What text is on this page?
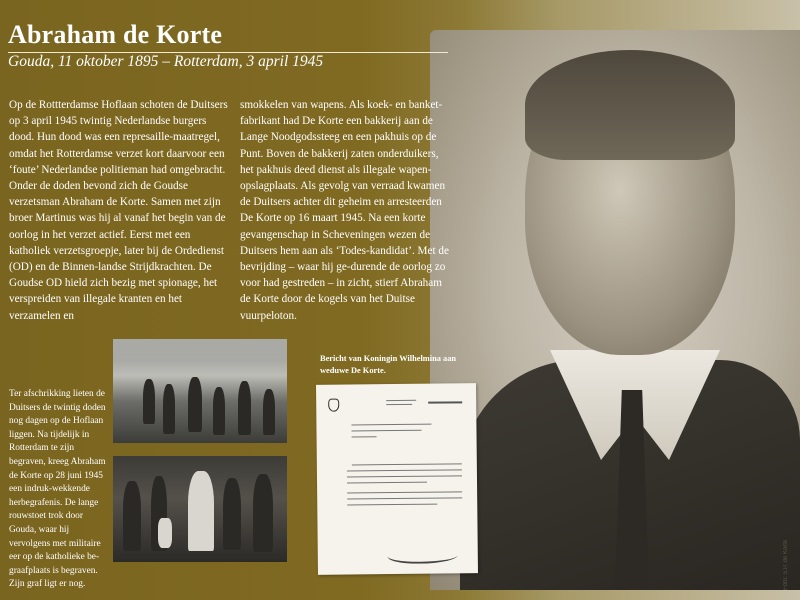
Foto: S.P. de Korte
Abraham de Korte
Gouda, 11 oktober 1895 – Rotterdam, 3 april 1945
Op de Rottterdamse Hoflaan schoten de Duitsers op 3 april 1945 twintig Nederlandse burgers dood. Hun dood was een represaille-maatregel, omdat het Rotterdamse verzet kort daarvoor een ‘foute’ Nederlandse politieman had omgebracht. Onder de doden bevond zich de Goudse verzetsman Abraham de Korte. Samen met zijn broer Martinus was hij al vanaf het begin van de oorlog in het verzet actief. Eerst met een katholiek verzetsgroepje, later bij de Ordedienst (OD) en de Binnen-landse Strijdkrachten. De Goudse OD hield zich bezig met spionage, het verspreiden van illegale kranten en het verzamelen en
smokkelen van wapens. Als koek- en banket-fabrikant had De Korte een bakkerij aan de Lange Noodgodssteeg en een pakhuis op de Punt. Boven de bakkerij zaten onderduikers, het pakhuis deed dienst als illegale wapen-opslagplaats. Als gevolg van verraad kwamen de Duitsers achter dit geheim en arresteerden De Korte op 16 maart 1945. Na een korte gevangenschap in Scheveningen wezen de Duitsers hem aan als ‘Todes-kandidat’. Met de bevrijding – waar hij ge-durende de oorlog zo voor had gestreden – in zicht, stierf Abraham de Korte door de kogels van het Duitse vuurpeloton.
Ter afschrikking lieten de Duitsers de twintig doden nog dagen op de Hoflaan liggen. Na tijdelijk in Rotterdam te zijn begraven, kreeg Abraham de Korte op 28 juni 1945 een indruk-wekkende herbegrafenis. De lange rouwstoet trok door Gouda, waar hij vervolgens met militaire eer op de katholieke be-graafplaats is begraven. Zijn graf ligt er nog.
Bericht van Koningin Wilhelmina aan weduwe De Korte.
